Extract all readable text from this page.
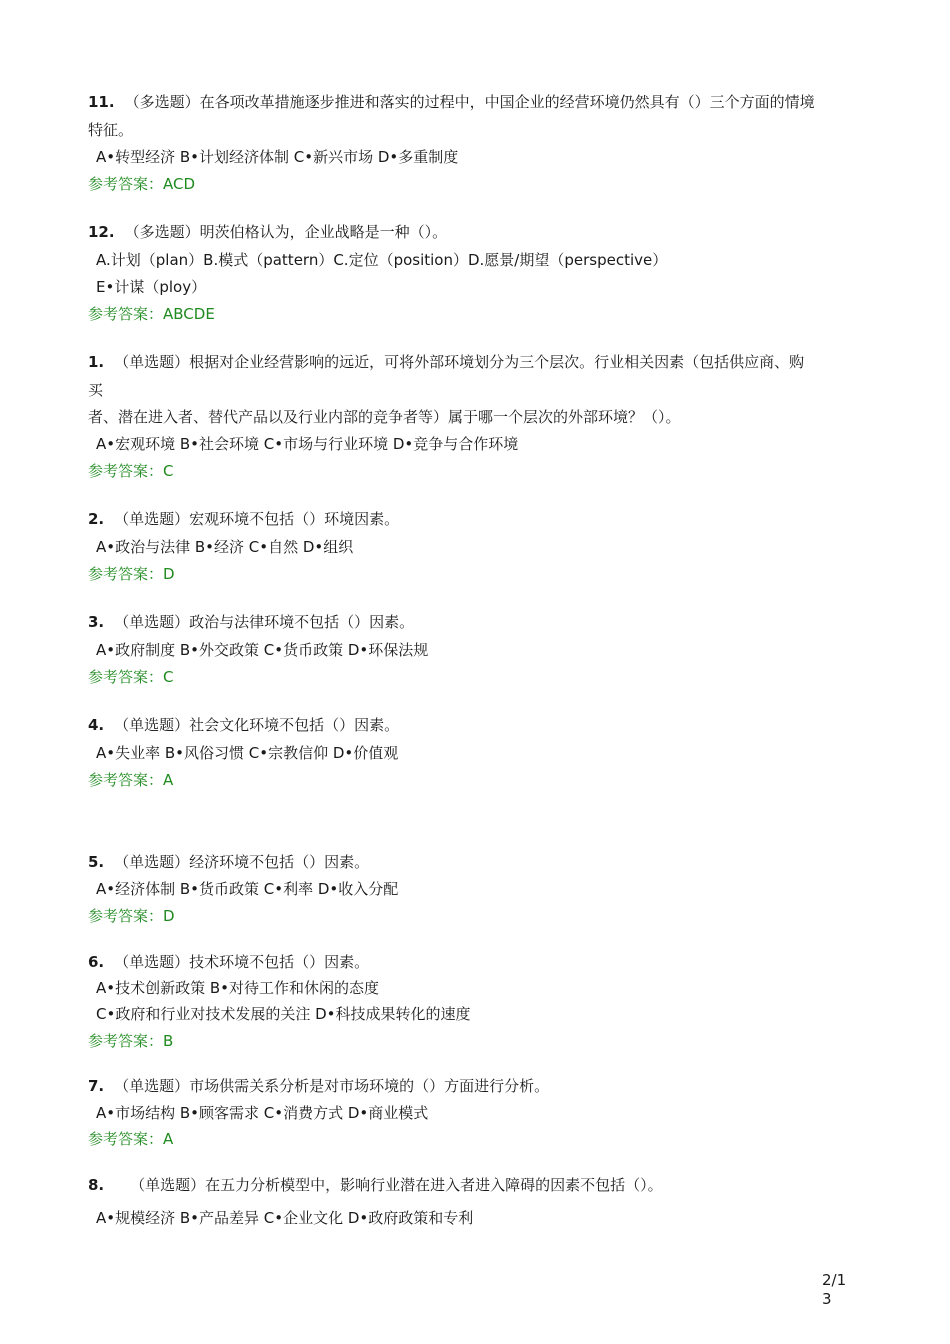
11. （多选题）在各项改革措施逐步推进和落实的过程中，中国企业的经营环境仍然具有（）三个方面的情境
特征。
A•转型经济 B•计划经济体制 C•新兴市场 D•多重制度
参考答案：ACD
12. （多选题）明茨伯格认为，企业战略是一种（）。
A.计划（plan）B.模式（pattern）C.定位（position）D.愿景/期望（perspective）
E•计谋（ploy）
参考答案：ABCDE
1. （单选题）根据对企业经营影响的远近，可将外部环境划分为三个层次。行业相关因素（包括供应商、购
买
者、潜在进入者、替代产品以及行业内部的竞争者等）属于哪一个层次的外部环境？（）。
A•宏观环境 B•社会环境 C•市场与行业环境 D•竞争与合作环境
参考答案：C
2. （单选题）宏观环境不包括（）环境因素。
A•政治与法律 B•经济 C•自然 D•组织
参考答案：D
3. （单选题）政治与法律环境不包括（）因素。
A•政府制度 B•外交政策 C•货币政策 D•环保法规
参考答案：C
4. （单选题）社会文化环境不包括（）因素。
A•失业率 B•风俗习惯 C•宗教信仰 D•价值观
参考答案：A
5. （单选题）经济环境不包括（）因素。
A•经济体制 B•货币政策 C•利率 D•收入分配
参考答案：D
6. （单选题）技术环境不包括（）因素。
A•技术创新政策 B•对待工作和休闲的态度
C•政府和行业对技术发展的关注 D•科技成果转化的速度
参考答案：B
7. （单选题）市场供需关系分析是对市场环境的（）方面进行分析。
A•市场结构 B•顾客需求 C•消费方式 D•商业模式
参考答案：A
8. （单选题）在五力分析模型中，影响行业潜在进入者进入障碍的因素不包括（）。
A•规模经济 B•产品差异 C•企业文化 D•政府政策和专利
2/1
3
